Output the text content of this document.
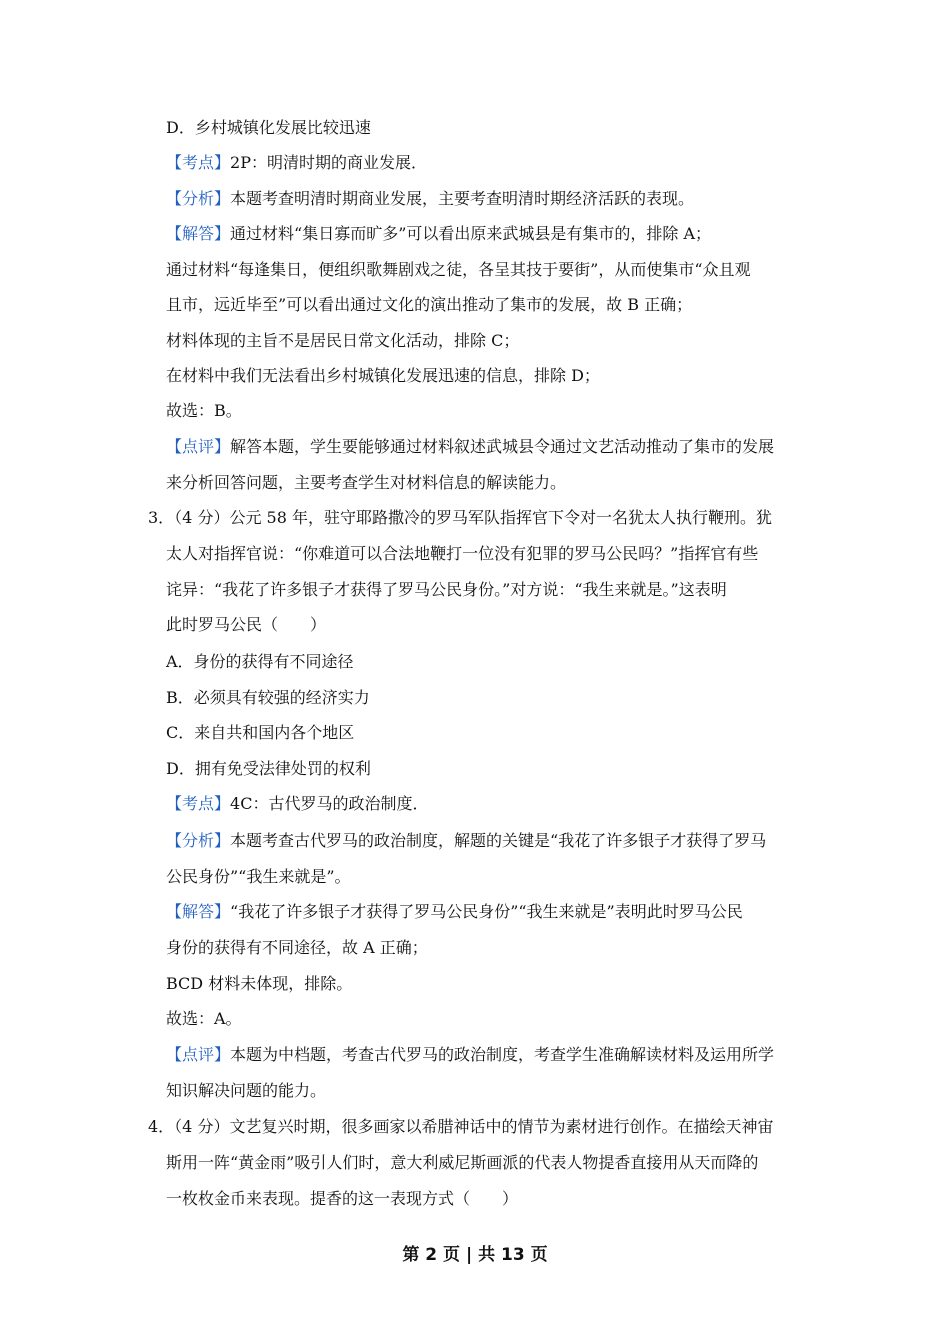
D．乡村城镇化发展比较迅速
【考点】2P：明清时期的商业发展．
【分析】本题考查明清时期商业发展，主要考查明清时期经济活跃的表现。
【解答】通过材料“集日寡而旷多”可以看出原来武城县是有集市的，排除 A；
通过材料“每逢集日，便组织歌舞剧戏之徒，各呈其技于要街”，从而使集市“众且观
且市，远近毕至”可以看出通过文化的演出推动了集市的发展，故 B 正确；
材料体现的主旨不是居民日常文化活动，排除 C；
在材料中我们无法看出乡村城镇化发展迅速的信息，排除 D；
故选：B。
【点评】解答本题，学生要能够通过材料叙述武城县令通过文艺活动推动了集市的发展
来分析回答问题，主要考查学生对材料信息的解读能力。
3．（4 分）公元 58 年，驻守耶路撒冷的罗马军队指挥官下令对一名犹太人执行鞭刑。犹
太人对指挥官说：“你难道可以合法地鞭打一位没有犯罪的罗马公民吗？”指挥官有些
诧异：“我花了许多银子才获得了罗马公民身份。”对方说：“我生来就是。”这表明
此时罗马公民（　　）
A．身份的获得有不同途径
B．必须具有较强的经济实力
C．来自共和国内各个地区
D．拥有免受法律处罚的权利
【考点】4C：古代罗马的政治制度．
【分析】本题考查古代罗马的政治制度，解题的关键是“我花了许多银子才获得了罗马
公民身份”“我生来就是”。
【解答】“我花了许多银子才获得了罗马公民身份”“我生来就是”表明此时罗马公民
身份的获得有不同途径，故 A 正确；
BCD 材料未体现，排除。
故选：A。
【点评】本题为中档题，考查古代罗马的政治制度，考查学生准确解读材料及运用所学
知识解决问题的能力。
4．（4 分）文艺复兴时期，很多画家以希腊神话中的情节为素材进行创作。在描绘天神宙
斯用一阵“黄金雨”吸引人们时，意大利威尼斯画派的代表人物提香直接用从天而降的
一枚枚金币来表现。提香的这一表现方式（　　）
第 2 页 | 共 13 页
